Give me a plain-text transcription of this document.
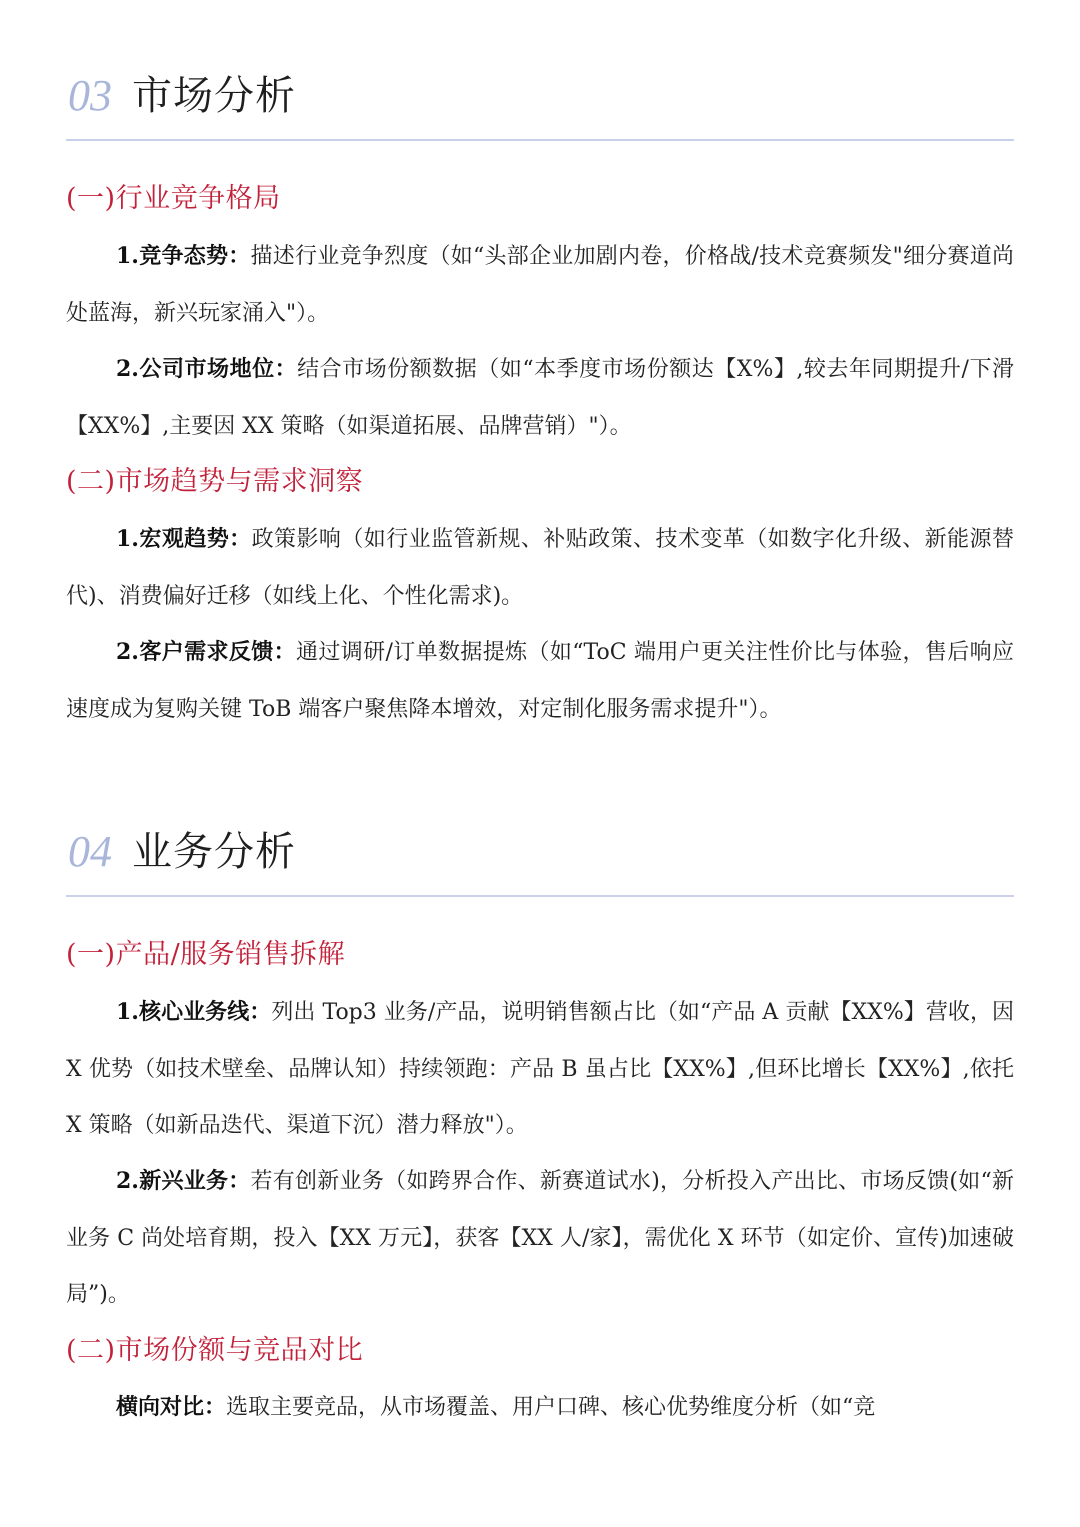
03 市场分析
(一)行业竞争格局
1.竞争态势：描述行业竞争烈度（如“头部企业加剧内卷，价格战/技术竞赛频发"细分赛道尚处蓝海，新兴玩家涌入"）。
2.公司市场地位：结合市场份额数据（如“本季度市场份额达【X%】,较去年同期提升/下滑【XX%】,主要因 XX 策略（如渠道拓展、品牌营销）"）。
(二)市场趋势与需求洞察
1.宏观趋势：政策影响（如行业监管新规、补贴政策、技术变革（如数字化升级、新能源替代)、消费偏好迁移（如线上化、个性化需求)。
2.客户需求反馈：通过调研/订单数据提炼（如“ToC 端用户更关注性价比与体验，售后响应速度成为复购关键 ToB 端客户聚焦降本增效，对定制化服务需求提升"）。
04 业务分析
(一)产品/服务销售拆解
1.核心业务线：列出 Top3 业务/产品，说明销售额占比（如“产品 A 贡献【XX%】营收，因 X 优势（如技术壁垒、品牌认知）持续领跑：产品 B 虽占比【XX%】,但环比增长【XX%】,依托 X 策略（如新品迭代、渠道下沉）潜力释放"）。
2.新兴业务：若有创新业务（如跨界合作、新赛道试水)，分析投入产出比、市场反馈(如“新业务 C 尚处培育期，投入【XX 万元】，获客【XX 人/家】，需优化 X 环节（如定价、宣传)加速破局”)。
(二)市场份额与竞品对比
横向对比：选取主要竞品，从市场覆盖、用户口碑、核心优势维度分析（如“竞
